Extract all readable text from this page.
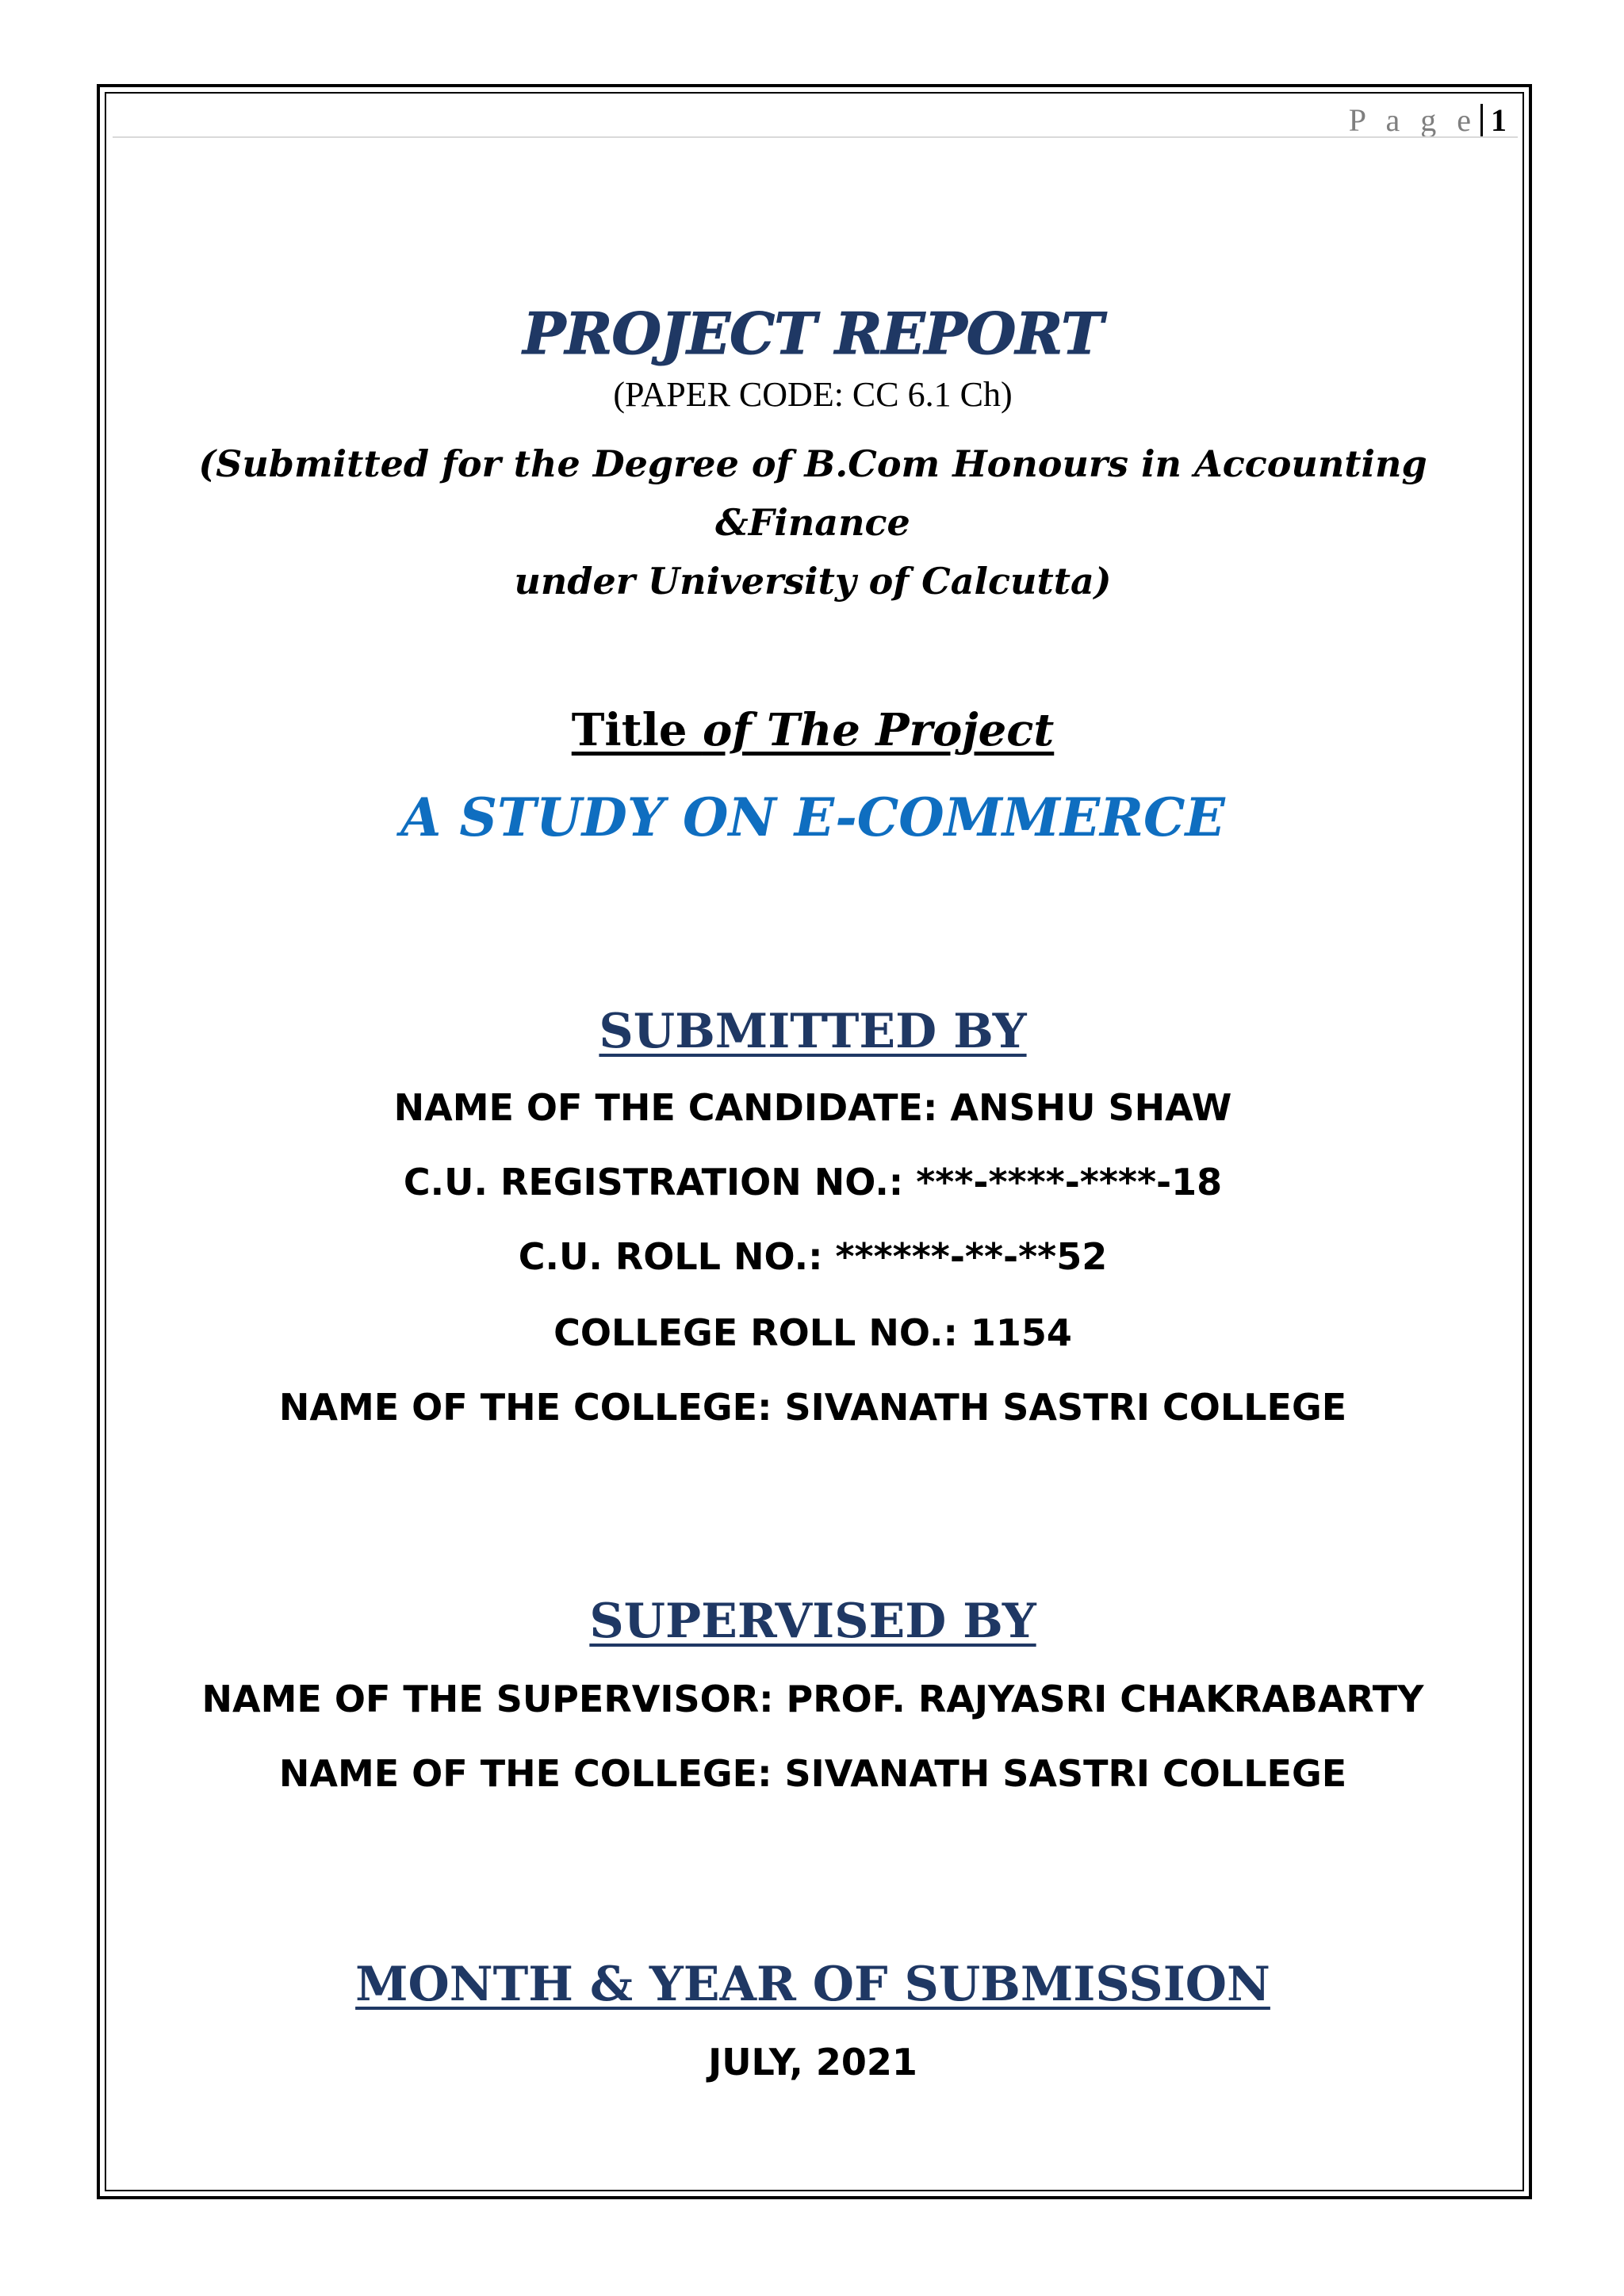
P a g e 1
PROJECT REPORT
(PAPER CODE: CC 6.1 Ch)
(Submitted for the Degree of B.Com Honours in Accounting &Finance
under University of Calcutta)
Title of The Project
A STUDY ON E-COMMERCE
SUBMITTED BY
NAME OF THE CANDIDATE: ANSHU SHAW
C.U. REGISTRATION NO.: ***-****-****-18
C.U. ROLL NO.: ******-**-**52
COLLEGE ROLL NO.: 1154
NAME OF THE COLLEGE: SIVANATH SASTRI COLLEGE
SUPERVISED BY
NAME OF THE SUPERVISOR: PROF. RAJYASRI CHAKRABARTY
NAME OF THE COLLEGE: SIVANATH SASTRI COLLEGE
MONTH & YEAR OF SUBMISSION
JULY, 2021
